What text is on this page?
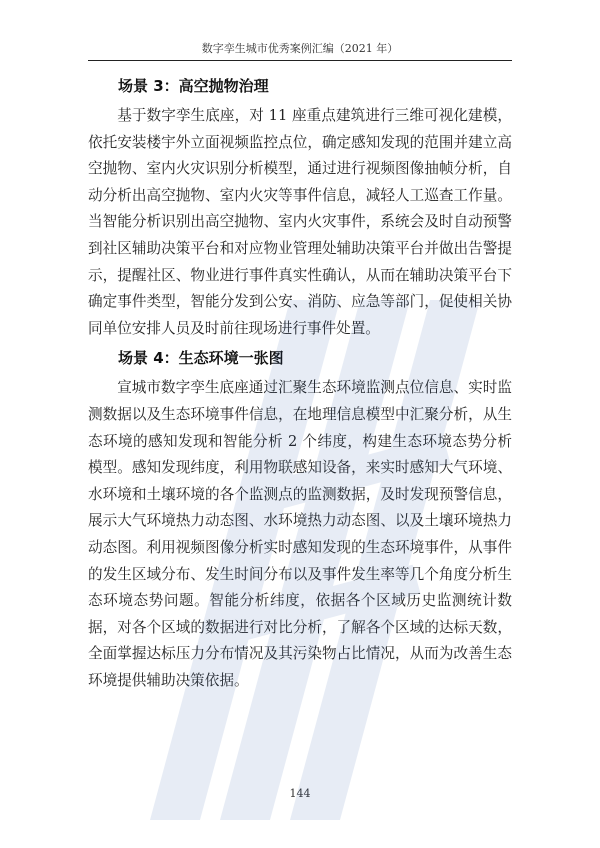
数字孪生城市优秀案例汇编（2021 年）
场景 3：高空抛物治理

基于数字孪生底座，对 11 座重点建筑进行三维可视化建模，依托安装楼宇外立面视频监控点位，确定感知发现的范围并建立高空抛物、室内火灾识别分析模型，通过进行视频图像抽帧分析，自动分析出高空抛物、室内火灾等事件信息，减轻人工巡查工作量。当智能分析识别出高空抛物、室内火灾事件，系统会及时自动预警到社区辅助决策平台和对应物业管理处辅助决策平台并做出告警提示，提醒社区、物业进行事件真实性确认，从而在辅助决策平台下确定事件类型，智能分发到公安、消防、应急等部门，促使相关协同单位安排人员及时前往现场进行事件处置。

场景 4：生态环境一张图

宣城市数字孪生底座通过汇聚生态环境监测点位信息、实时监测数据以及生态环境事件信息，在地理信息模型中汇聚分析，从生态环境的感知发现和智能分析 2 个纬度，构建生态环境态势分析模型。感知发现纬度，利用物联感知设备，来实时感知大气环境、水环境和土壤环境的各个监测点的监测数据，及时发现预警信息，展示大气环境热力动态图、水环境热力动态图、以及土壤环境热力动态图。利用视频图像分析实时感知发现的生态环境事件，从事件的发生区域分布、发生时间分布以及事件发生率等几个角度分析生态环境态势问题。智能分析纬度，依据各个区域历史监测统计数据，对各个区域的数据进行对比分析，了解各个区域的达标天数，全面掌握达标压力分布情况及其污染物占比情况，从而为改善生态环境提供辅助决策依据。

144
